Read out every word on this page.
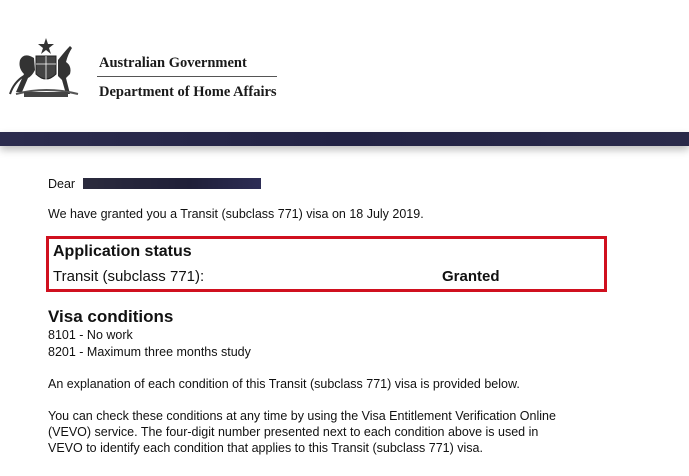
Australian Government
Department of Home Affairs
Dear
We have granted you a Transit (subclass 771) visa on 18 July 2019.
Application status
Transit (subclass 771):	Granted
Visa conditions
8101 - No work
8201 - Maximum three months study
An explanation of each condition of this Transit (subclass 771) visa is provided below.
You can check these conditions at any time by using the Visa Entitlement Verification Online
(VEVO) service. The four-digit number presented next to each condition above is used in
VEVO to identify each condition that applies to this Transit (subclass 771) visa.
